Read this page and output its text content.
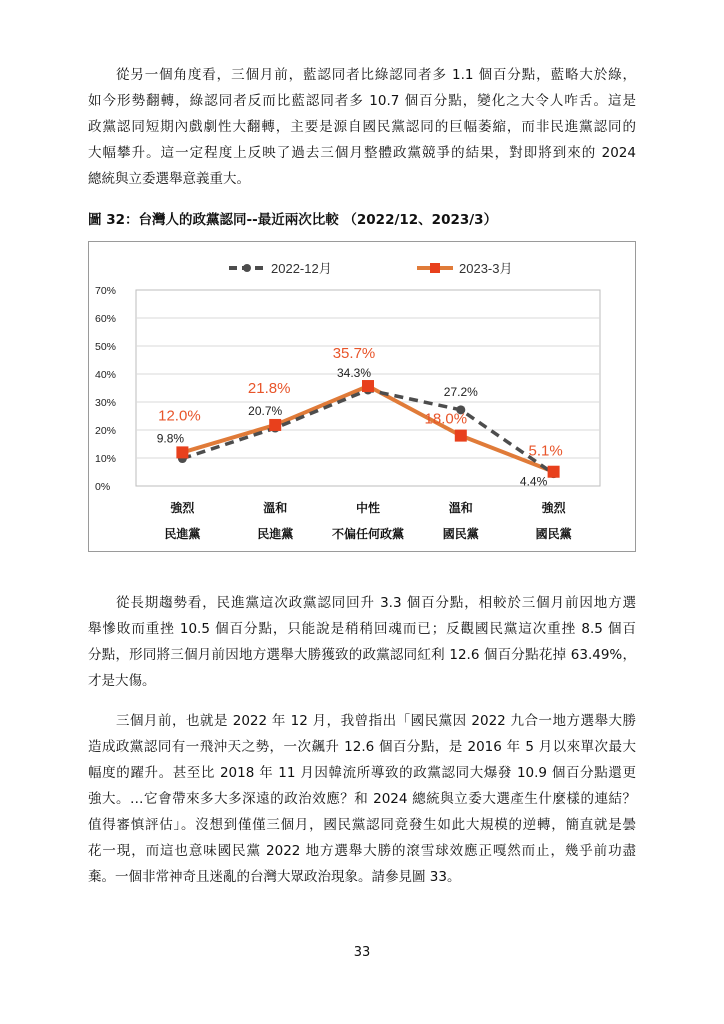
從另一個角度看，三個月前，藍認同者比綠認同者多 1.1 個百分點，藍略大於綠，
如今形勢翻轉，綠認同者反而比藍認同者多 10.7 個百分點，變化之大令人咋舌。這是
政黨認同短期內戲劇性大翻轉，主要是源自國民黨認同的巨幅萎縮，而非民進黨認同的
大幅攀升。這一定程度上反映了過去三個月整體政黨競爭的結果，對即將到來的 2024
總統與立委選舉意義重大。
圖 32：台灣人的政黨認同--最近兩次比較 （2022/12、2023/3）
0%
10%
20%
30%
40%
50%
60%
70%
強烈
民進黨
溫和
民進黨
中性
不偏任何政黨
溫和
國民黨
強烈
國民黨
2022-12月	2023-3月
9.8%
20.7%
34.3%
27.2%
4.4%
12.0%
21.8%
35.7%
18.0%
5.1%
從長期趨勢看，民進黨這次政黨認同回升 3.3 個百分點，相較於三個月前因地方選
舉慘敗而重挫 10.5 個百分點，只能說是稍稍回魂而已；反觀國民黨這次重挫 8.5 個百
分點，形同將三個月前因地方選舉大勝獲致的政黨認同紅利 12.6 個百分點花掉 63.49%，
才是大傷。
三個月前，也就是 2022 年 12 月，我曾指出「國民黨因 2022 九合一地方選舉大勝
造成政黨認同有一飛沖天之勢，一次飆升 12.6 個百分點，是 2016 年 5 月以來單次最大
幅度的躍升。甚至比 2018 年 11 月因韓流所導致的政黨認同大爆發 10.9 個百分點還更
強大。…它會帶來多大多深遠的政治效應？和 2024 總統與立委大選產生什麼樣的連結？
值得審慎評估」。沒想到僅僅三個月，國民黨認同竟發生如此大規模的逆轉，簡直就是曇
花一現，而這也意味國民黨 2022 地方選舉大勝的滾雪球效應正嘎然而止，幾乎前功盡
棄。一個非常神奇且迷亂的台灣大眾政治現象。請參見圖 33。
33
